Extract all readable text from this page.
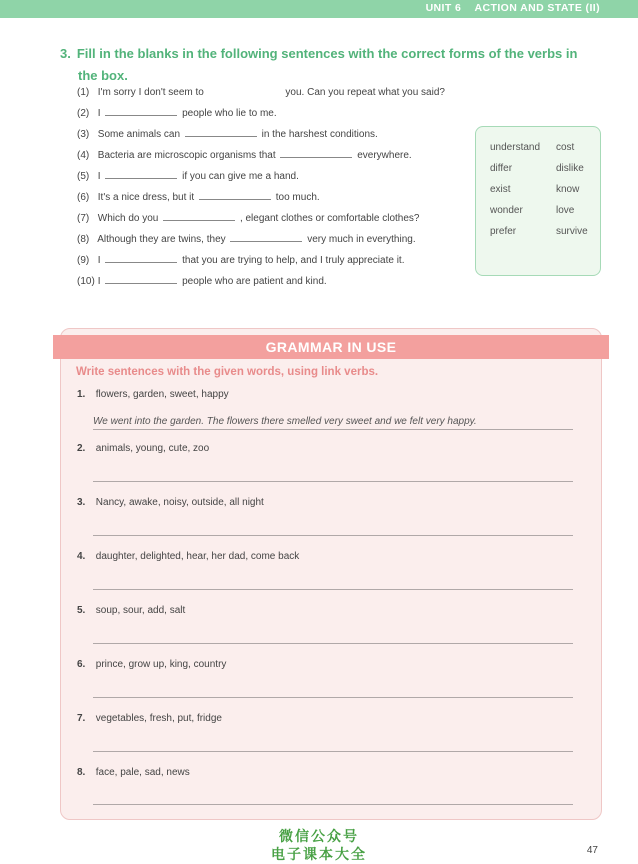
UNIT 6 ACTION AND STATE (II)
3. Fill in the blanks in the following sentences with the correct forms of the verbs in
the box.
(1) I'm sorry I don't seem to	you. Can you repeat what you said?
(2) I	people who lie to me.
(3) Some animals can	in the harshest conditions.
(4) Bacteria are microscopic organisms that	everywhere.
(5) I	if you can give me a hand.
(6) It's a nice dress, but it	too much.
(7) Which do you	, elegant clothes or comfortable clothes?
(8) Although they are twins, they	very much in everything.
(9) I	that you are trying to help, and I truly appreciate it.
(10) I	people who are patient and kind.
understand	cost
differ	dislike
exist	know
wonder	love
prefer	survive
GRAMMAR IN USE
Write sentences with the given words, using link verbs.
1. flowers, garden, sweet, happy
We went into the garden. The flowers there smelled very sweet and we felt very happy.
2. animals, young, cute, zoo
3. Nancy, awake, noisy, outside, all night
4. daughter, delighted, hear, her dad, come back
5. soup, sour, add, salt
6. prince, grow up, king, country
7. vegetables, fresh, put, fridge
8. face, pale, sad, news
微信公众号
电子课本大全	47
